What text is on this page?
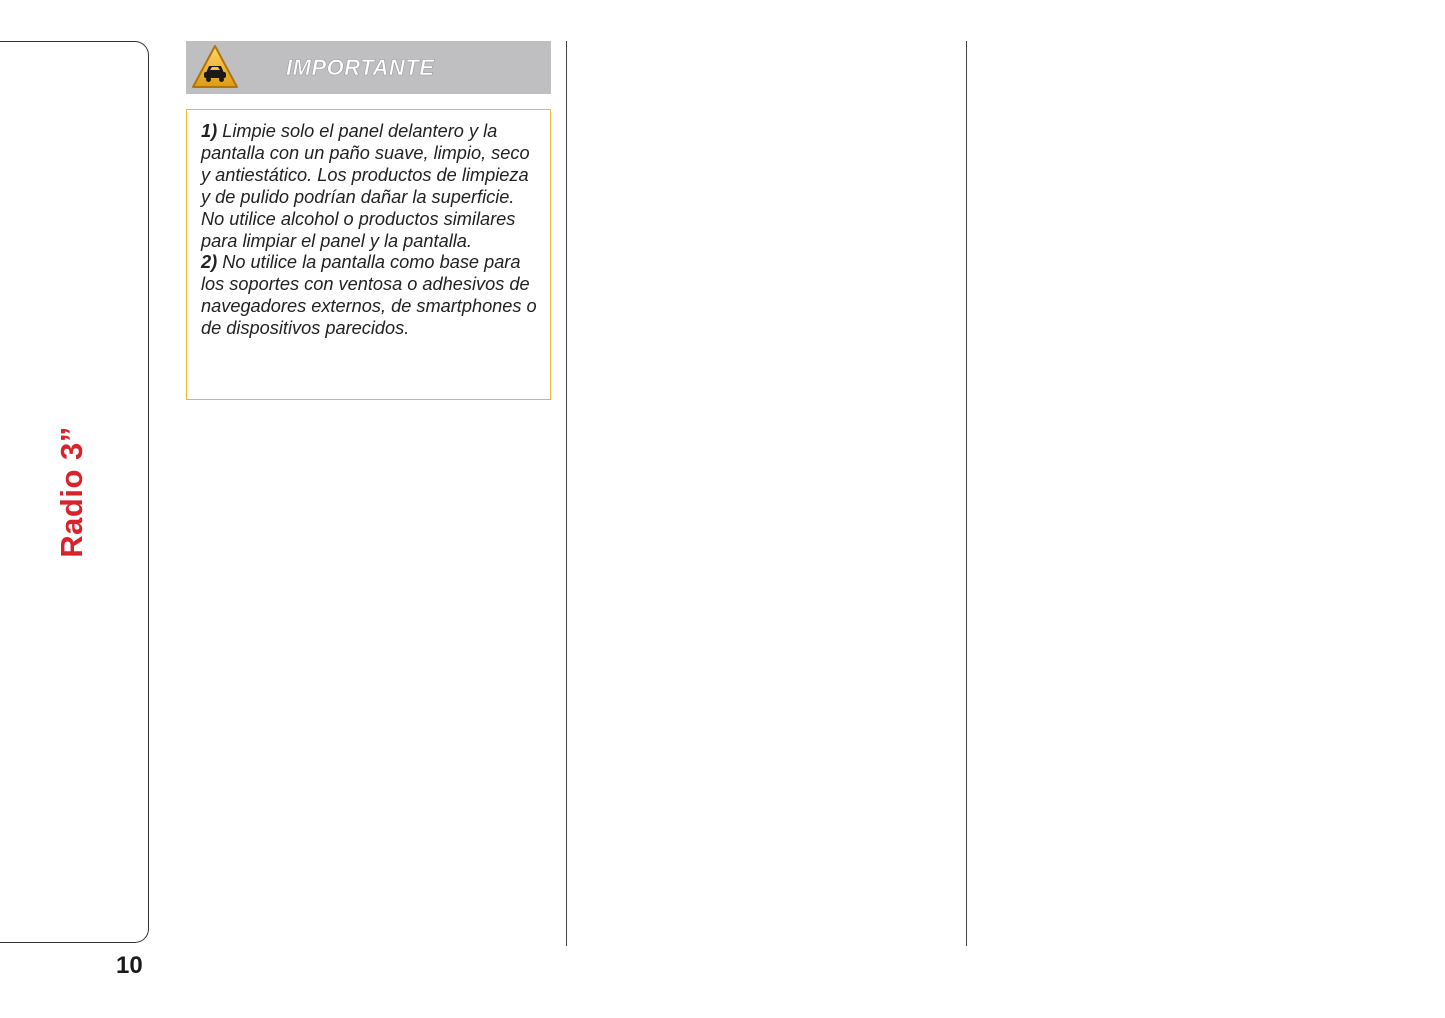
Radio 3”
10
IMPORTANTE

1) Limpie solo el panel delantero y la pantalla con un paño suave, limpio, seco y antiestático. Los productos de limpieza y de pulido podrían dañar la superficie. No utilice alcohol o productos similares para limpiar el panel y la pantalla.

2) No utilice la pantalla como base para los soportes con ventosa o adhesivos de navegadores externos, de smartphones o de dispositivos parecidos.
